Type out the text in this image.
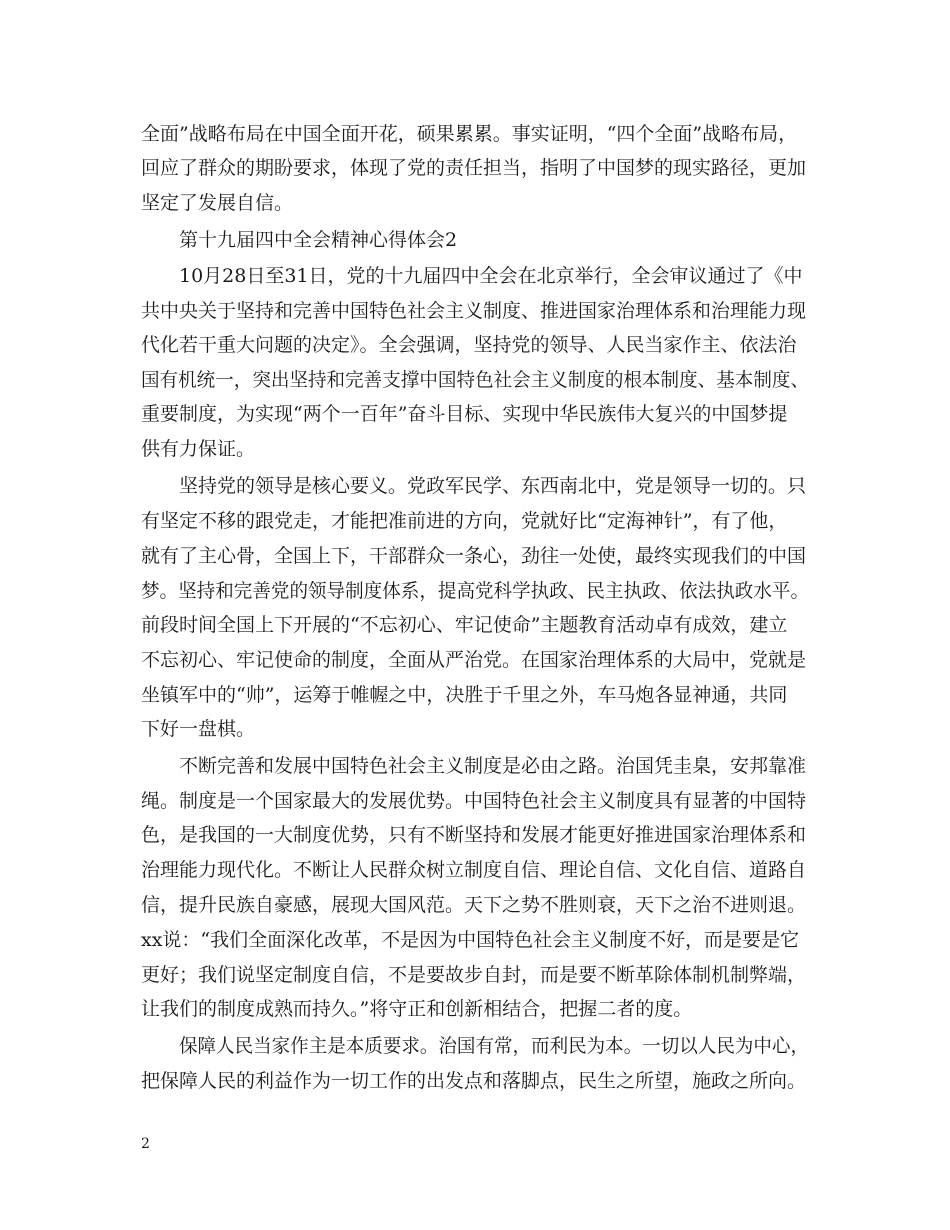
全面”战略布局在中国全面开花，硕果累累。事实证明，“四个全面”战略布局，
回应了群众的期盼要求，体现了党的责任担当，指明了中国梦的现实路径，更加
坚定了发展自信。
第十九届四中全会精神心得体会2
10月28日至31日，党的十九届四中全会在北京举行，全会审议通过了《中
共中央关于坚持和完善中国特色社会主义制度、推进国家治理体系和治理能力现
代化若干重大问题的决定》。全会强调，坚持党的领导、人民当家作主、依法治
国有机统一，突出坚持和完善支撑中国特色社会主义制度的根本制度、基本制度、
重要制度，为实现“两个一百年”奋斗目标、实现中华民族伟大复兴的中国梦提
供有力保证。
坚持党的领导是核心要义。党政军民学、东西南北中，党是领导一切的。只
有坚定不移的跟党走，才能把准前进的方向，党就好比“定海神针”，有了他，
就有了主心骨，全国上下，干部群众一条心，劲往一处使，最终实现我们的中国
梦。坚持和完善党的领导制度体系，提高党科学执政、民主执政、依法执政水平。
前段时间全国上下开展的“不忘初心、牢记使命”主题教育活动卓有成效，建立
不忘初心、牢记使命的制度，全面从严治党。在国家治理体系的大局中，党就是
坐镇军中的“帅”，运筹于帷幄之中，决胜于千里之外，车马炮各显神通，共同
下好一盘棋。
不断完善和发展中国特色社会主义制度是必由之路。治国凭圭臬，安邦靠准
绳。制度是一个国家最大的发展优势。中国特色社会主义制度具有显著的中国特
色，是我国的一大制度优势，只有不断坚持和发展才能更好推进国家治理体系和
治理能力现代化。不断让人民群众树立制度自信、理论自信、文化自信、道路自
信，提升民族自豪感，展现大国风范。天下之势不胜则衰，天下之治不进则退。
xx说：“我们全面深化改革，不是因为中国特色社会主义制度不好，而是要是它
更好；我们说坚定制度自信，不是要故步自封，而是要不断革除体制机制弊端，
让我们的制度成熟而持久。”将守正和创新相结合，把握二者的度。
保障人民当家作主是本质要求。治国有常，而利民为本。一切以人民为中心，
把保障人民的利益作为一切工作的出发点和落脚点，民生之所望，施政之所向。
2
